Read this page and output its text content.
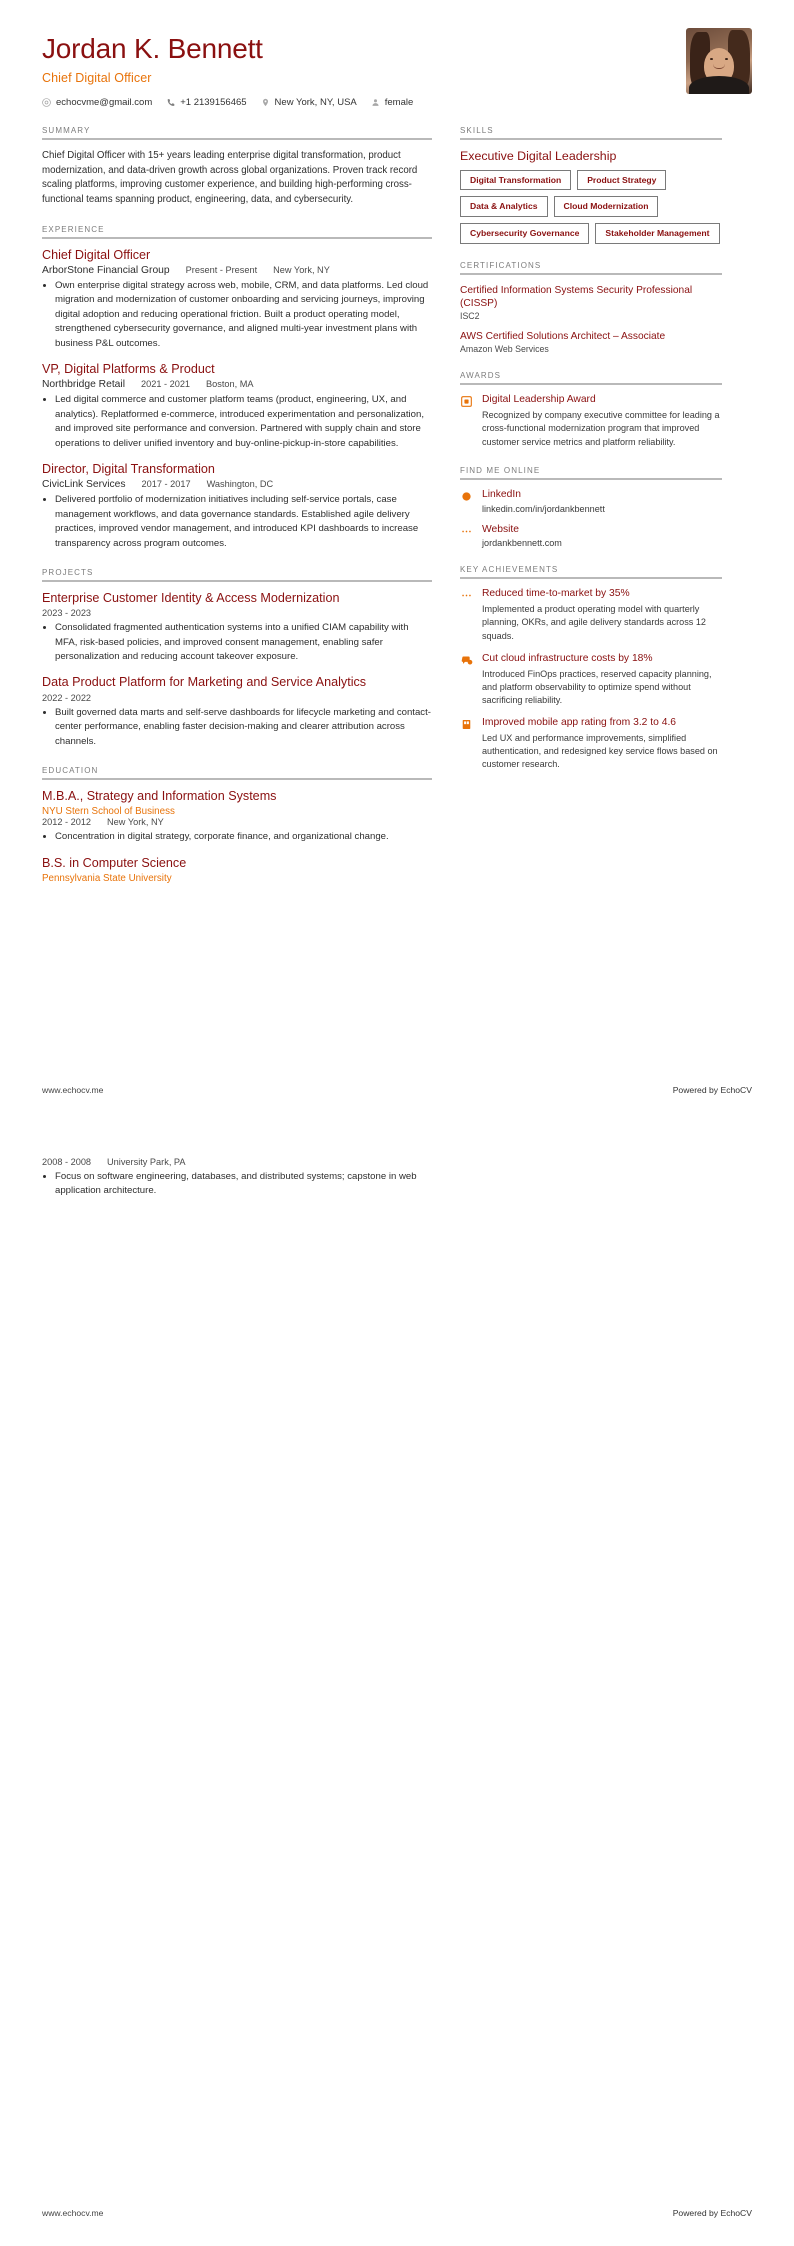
Jordan K. Bennett
Chief Digital Officer
echocvme@gmail.com	+1 2139156465	New York, NY, USA	female
SUMMARY

Chief Digital Officer with 15+ years leading enterprise digital transformation, product modernization, and data-driven growth across global organizations. Proven track record scaling platforms, improving customer experience, and building high-performing cross-functional teams spanning product, engineering, data, and cybersecurity.

EXPERIENCE
Chief Digital Officer
ArborStone Financial Group Present - Present New York, NY
• Own enterprise digital strategy across web, mobile, CRM, and data platforms. Led cloud migration and modernization of customer onboarding and servicing journeys, improving digital adoption and reducing operational friction. Built a product operating model, strengthened cybersecurity governance, and aligned multi-year investment plans with business P&L outcomes.
VP, Digital Platforms & Product
Northbridge Retail 2021 - 2021 Boston, MA
• Led digital commerce and customer platform teams (product, engineering, UX, and analytics). Replatformed e-commerce, introduced experimentation and personalization, and improved site performance and conversion. Partnered with supply chain and store operations to deliver unified inventory and buy-online-pickup-in-store capabilities.
Director, Digital Transformation
CivicLink Services 2017 - 2017 Washington, DC
• Delivered portfolio of modernization initiatives including self-service portals, case management workflows, and data governance standards. Established agile delivery practices, improved vendor management, and introduced KPI dashboards to increase transparency across program outcomes.
PROJECTS
Enterprise Customer Identity & Access Modernization
2023 - 2023
• Consolidated fragmented authentication systems into a unified CIAM capability with MFA, risk-based policies, and improved consent management, enabling safer personalization and reducing account takeover exposure.
Data Product Platform for Marketing and Service Analytics
2022 - 2022
• Built governed data marts and self-serve dashboards for lifecycle marketing and contact-center performance, enabling faster decision-making and clearer attribution across channels.
EDUCATION
M.B.A., Strategy and Information Systems
NYU Stern School of Business
2012 - 2012 New York, NY
• Concentration in digital strategy, corporate finance, and organizational change.
B.S. in Computer Science
Pennsylvania State University
SKILLS
Executive Digital Leadership
Digital Transformation	Product Strategy
Data & Analytics	Cloud Modernization
Cybersecurity Governance	Stakeholder Management
CERTIFICATIONS

Certified Information Systems Security Professional (CISSP)

ISC2

AWS Certified Solutions Architect – Associate

Amazon Web Services

AWARDS

Digital Leadership Award

Recognized by company executive committee for leading a cross-functional modernization program that improved customer service metrics and platform reliability.

FIND ME ONLINE

LinkedIn

linkedin.com/in/jordankbennett

Website

jordankbennett.com

KEY ACHIEVEMENTS

Reduced time-to-market by 35%

Implemented a product operating model with quarterly planning, OKRs, and agile delivery standards across 12 squads.

Cut cloud infrastructure costs by 18%

Introduced FinOps practices, reserved capacity planning, and platform observability to optimize spend without sacrificing reliability.

Improved mobile app rating from 3.2 to 4.6

Led UX and performance improvements, simplified authentication, and redesigned key service flows based on customer research.

www.echocv.me	Powered by EchoCV
2008 - 2008 University Park, PA
• Focus on software engineering, databases, and distributed systems; capstone in web application architecture.
www.echocv.me	Powered by EchoCV
